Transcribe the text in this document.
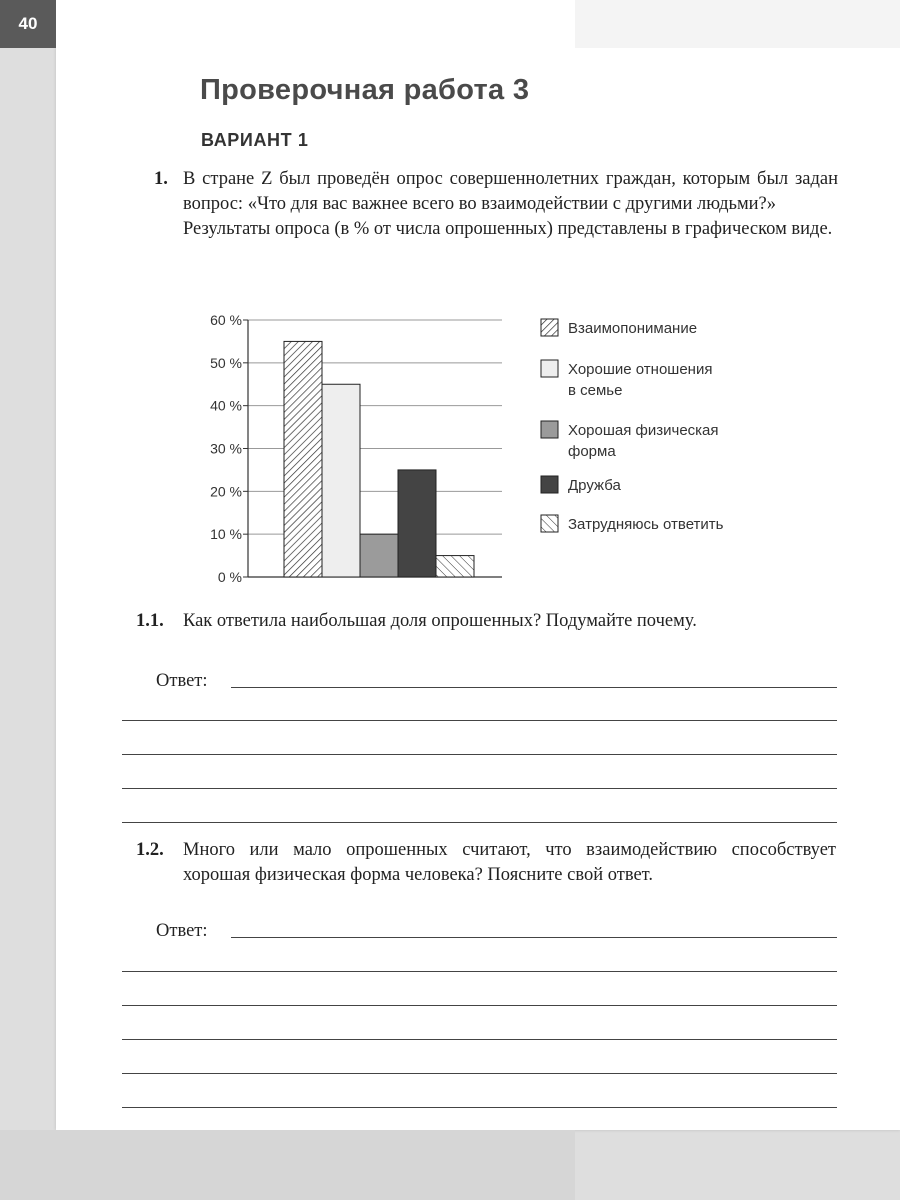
40
Проверочная работа 3
ВАРИАНТ 1
1. В стране Z был проведён опрос совершеннолетних граждан, которым был задан вопрос: «Что для вас важнее всего во взаимодействии с другими людьми?»

Результаты опроса (в % от числа опрошенных) представлены в графическом виде.

0 %
10 %
20 %
30 %
40 %
50 %
60 %	Взаимопонимание
Хорошие отношения
в семье
Хорошая физическая
форма
Дружба
Затрудняюсь ответить
1.1. Как ответила наибольшая доля опрошенных? Подумайте почему.
Ответ:
1.2. Много или мало опрошенных считают, что взаимодействию способствует хорошая физическая форма человека? Поясните свой ответ.
Ответ:
